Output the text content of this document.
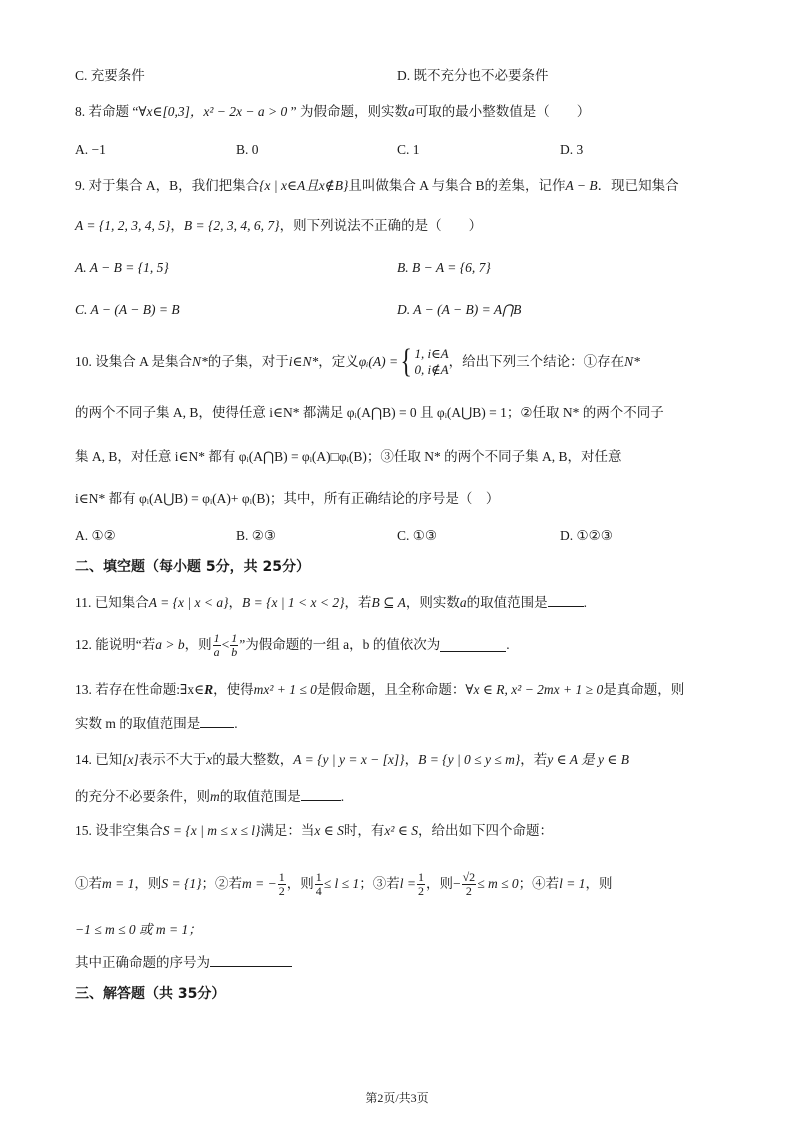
C. 充要条件	D. 既不充分也不必要条件
8. 若命题 “∀x∈[0,3]，x² − 2x − a > 0 ” 为假命题，则实数a可取的最小整数值是（　　）
A. −1	B. 0	C. 1	D. 3
9. 对于集合 A，B，我们把集合{x | x∈A且x∉B}且叫做集合 A 与集合 B的差集，记作A − B．现已知集合
A = {1, 2, 3, 4, 5}，B = {2, 3, 4, 6, 7}，则下列说法不正确的是（　　）
A. A − B = {1, 5}	B. B − A = {6, 7}
C. A − (A − B) = B	D. A − (A − B) = A⋂B
10. 设集合 A 是集合 N* 的子集，对于 i∈N* ，定义 φᵢ(A) = { 1, i∈A
0, i∉A
，给出下列三个结论：①存在 N*
的两个不同子集 A, B，使得任意 i∈N* 都满足 φᵢ(A⋂B) = 0 且 φᵢ(A⋃B) = 1；②任取 N* 的两个不同子
集 A, B，对任意 i∈N* 都有 φᵢ(A⋂B) = φᵢ(A)□φᵢ(B)；③任取 N* 的两个不同子集 A, B，对任意
i∈N* 都有 φᵢ(A⋃B) = φᵢ(A)+ φᵢ(B)；其中，所有正确结论的序号是（　）
A. ①②	B. ②③	C. ①③	D. ①②③
二、填空题（每小题 5分，共 25分）
11. 已知集合A = {x | x < a}，B = {x | 1 < x < 2}，若B ⊆ A，则实数a的取值范围是	.
12. 能说明“若 a > b ，则 $\frac{1}{a} < \frac{1}{b}$ ”为假命题的一组 a，b 的值依次为	.
13. 若存在性命题:∃x∈R，使得mx² + 1 ≤ 0是假命题，且全称命题：∀x ∈ R, x² − 2mx + 1 ≥ 0是真命题，则
实数 m 的取值范围是	.
14. 已知[x]表示不大于x的最大整数，A = {y | y = x − [x]}，B = {y | 0 ≤ y ≤ m}，若y ∈ A 是 y ∈ B
的充分不必要条件，则m的取值范围是	.
15. 设非空集合S = {x | m ≤ x ≤ l}满足：当x ∈ S时，有x² ∈ S，给出如下四个命题：
①若 m = 1 ，则 S = {1} ；②若 m = − $\frac{1}{2}$ ，则 $\frac{1}{4} \le l \le 1$ ；③若 $l = \frac{1}{2}$ ，则 − $\frac{√2}{2} \le m \le 0$ ；④若 l = 1 ，则
−1 ≤ m ≤ 0 或 m = 1；
其中正确命题的序号为
三、解答题（共 35分）
第2页/共3页
